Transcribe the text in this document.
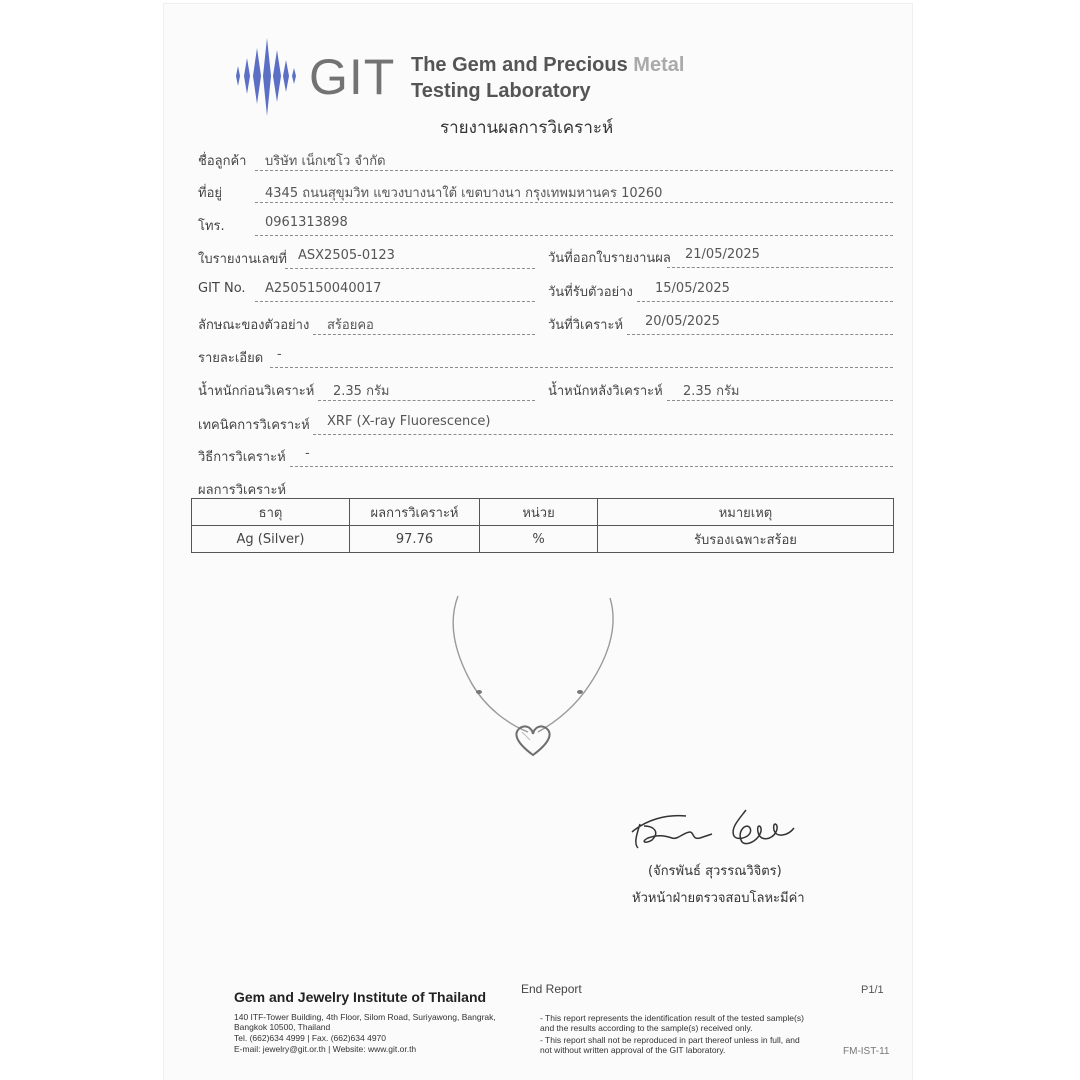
GIT The Gem and Precious Metal
Testing Laboratory
รายงานผลการวิเคราะห์
ชื่อลูกค้า บริษัท เน็กเซโว จำกัด
ที่อยู่	4345 ถนนสุขุมวิท แขวงบางนาใต้ เขตบางนา กรุงเทพมหานคร 10260
โทร.	0961313898
ใบรายงานเลขที่ ASX2505-0123	วันที่ออกใบรายงานผล 21/05/2025
GIT No. A2505150040017	วันที่รับตัวอย่าง 15/05/2025
ลักษณะของตัวอย่าง สร้อยคอ	วันที่วิเคราะห์ 20/05/2025
รายละเอียด -
น้ำหนักก่อนวิเคราะห์ 2.35 กรัม	น้ำหนักหลังวิเคราะห์ 2.35 กรัม
เทคนิคการวิเคราะห์ XRF (X-ray Fluorescence)
วิธีการวิเคราะห์ -
ผลการวิเคราะห์
ธาตุ	ผลการวิเคราะห์	หน่วย	หมายเหตุ
Ag (Silver)	97.76	%	รับรองเฉพาะสร้อย
(จักรพันธ์ สุวรรณวิจิตร)
หัวหน้าฝ่ายตรวจสอบโลหะมีค่า
Gem and Jewelry Institute of Thailand
140 ITF-Tower Building, 4th Floor, Silom Road, Suriyawong, Bangrak,
Bangkok 10500, Thailand
Tel. (662)634 4999 | Fax. (662)634 4970
E-mail: jewelry@git.or.th | Website: www.git.or.th
End Report	P1/1
- This report represents the identification result of the tested sample(s)
and the results according to the sample(s) received only.
- This report shall not be reproduced in part thereof unless in full, and
not without written approval of the GIT laboratory.	FM-IST-11
